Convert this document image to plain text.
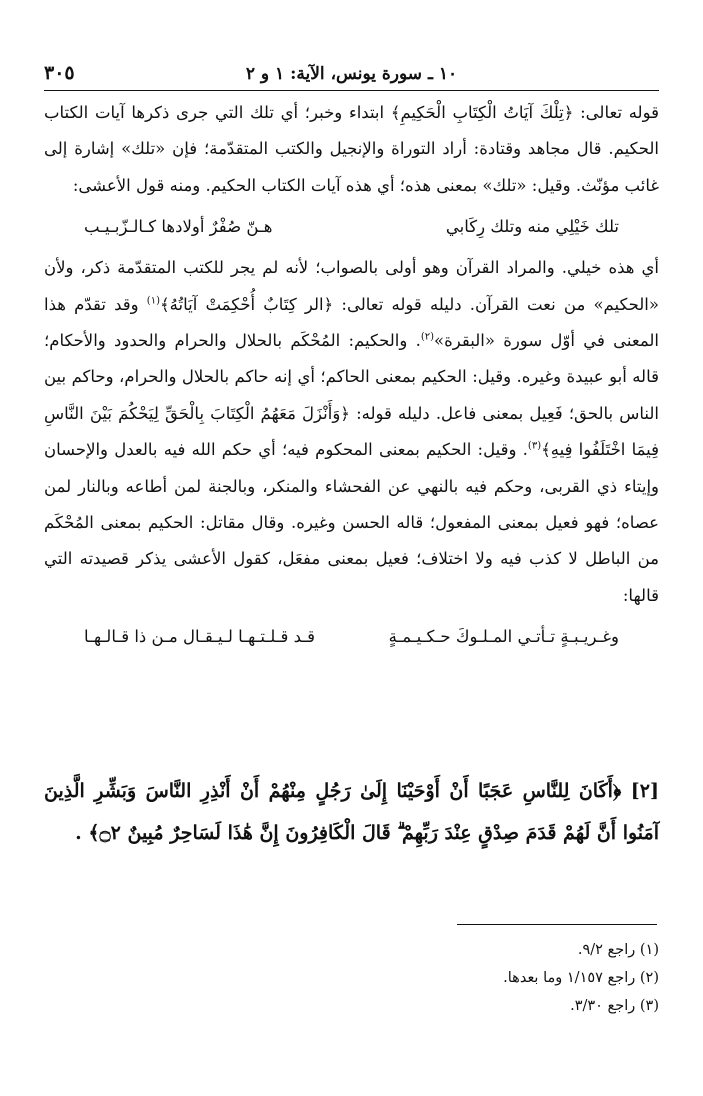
١٠ ـ سورة يونس، الآية: ١ و ٢
٣٠٥

قوله تعالى: ﴿تِلْكَ آيَاتُ الْكِتَابِ الْحَكِيمِ﴾ ابتداء وخبر؛ أي تلك التي جرى ذكرها آيات الكتاب الحكيم. قال مجاهد وقتادة: أراد التوراة والإنجيل والكتب المتقدّمة؛ فإن «تلك» إشارة إلى غائب مؤنّث. وقيل: «تلك» بمعنى هذه؛ أي هذه آيات الكتاب الحكيم. ومنه قول الأعشى:

تلك خَيْلِي منه وتلك رِكَابي
هـنّ صُفْرٌ أولادها كـالـزّبـيـب

أي هذه خيلي. والمراد القرآن وهو أولى بالصواب؛ لأنه لم يجر للكتب المتقدّمة ذكر، ولأن «الحكيم» من نعت القرآن. دليله قوله تعالى: ﴿الر كِتَابٌ أُحْكِمَتْ آيَاتُهُ﴾$^{(١)}$ وقد تقدّم هذا المعنى في أوّل سورة «البقرة»$^{(٢)}$. والحكيم: المُحْكَم بالحلال والحرام والحدود والأحكام؛ قاله أبو عبيدة وغيره. وقيل: الحكيم بمعنى الحاكم؛ أي إنه حاكم بالحلال والحرام، وحاكم بين الناس بالحق؛ فَعِيل بمعنى فاعل. دليله قوله: ﴿وَأَنْزَلَ مَعَهُمُ الْكِتَابَ بِالْحَقِّ لِيَحْكُمَ بَيْنَ النَّاسِ فِيمَا اخْتَلَفُوا فِيهِ﴾$^{(٣)}$. وقيل: الحكيم بمعنى المحكوم فيه؛ أي حكم الله فيه بالعدل والإحسان وإيتاء ذي القربى، وحكم فيه بالنهي عن الفحشاء والمنكر، وبالجنة لمن أطاعه وبالنار لمن عصاه؛ فهو فعيل بمعنى المفعول؛ قاله الحسن وغيره. وقال مقاتل: الحكيم بمعنى المُحْكَم من الباطل لا كذب فيه ولا اختلاف؛ فعيل بمعنى مفعَل، كقول الأعشى يذكر قصيدته التي قالها:

وغـريـبـةٍ تـأتـي المـلـوكَ حـكـيـمـةٍ
قـد قـلـتـهـا لـيـقـال مـن ذا قـالـهـا
[٢] ﴿أَكَانَ لِلنَّاسِ عَجَبًا أَنْ أَوْحَيْنَا إِلَىٰ رَجُلٍ مِنْهُمْ أَنْ أَنْذِرِ النَّاسَ وَبَشِّرِ الَّذِينَ آمَنُوا أَنَّ لَهُمْ قَدَمَ صِدْقٍ عِنْدَ رَبِّهِمْ ۗ قَالَ الْكَافِرُونَ إِنَّ هَٰذَا لَسَاحِرٌ مُبِينٌ ۝٢﴾ .
(١) راجع ٩/٢.
(٢) راجع ١/١٥٧ وما بعدها.
(٣) راجع ٣/٣٠.
